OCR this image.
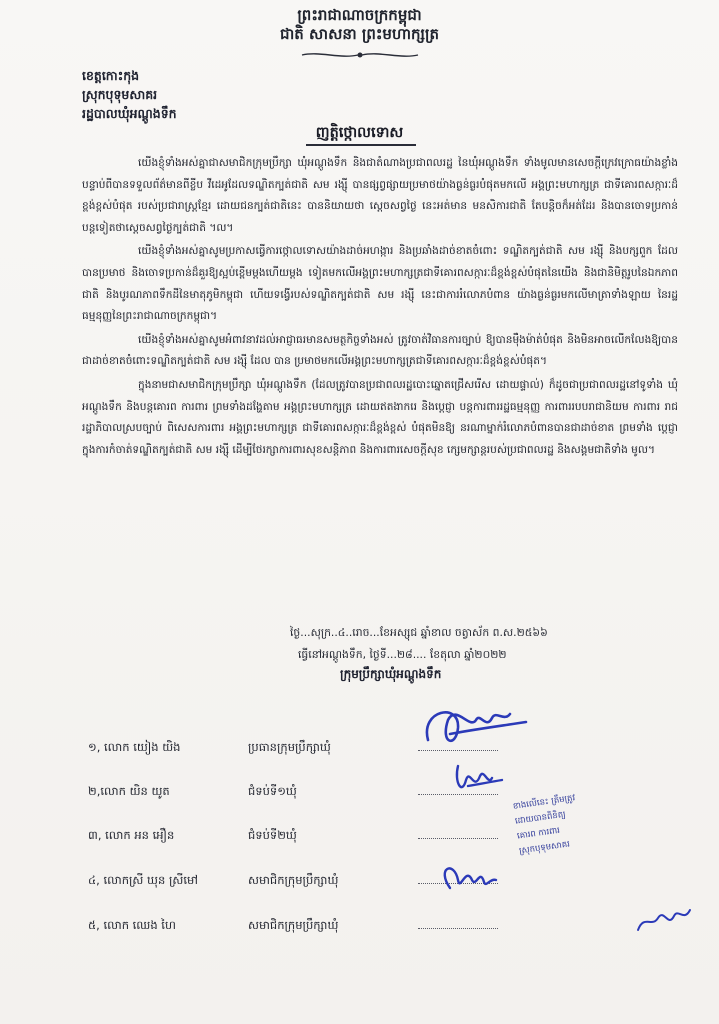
ព្រះរាជាណាចក្រកម្ពុជា
ជាតិ សាសនា ព្រះមហាក្សត្រ
ខេត្តកោះកុង
ស្រុកបុទុមសាគរ
រដ្ឋបាលឃុំអណ្ដូងទឹក
ញត្តិថ្កោលទោស

យើងខ្ញុំទាំងអស់គ្នាជាសមាជិកក្រុមប្រឹក្សា ឃុំអណ្ដូងទឹក និងជាតំណាងប្រជាពលរដ្ឋ នៃឃុំអណ្ដូងទឹក ទាំងមូលមានសេចក្ដីក្រេវក្រោធយ៉ាងខ្លាំងបន្ទាប់ពីបានទទួលព័ត៌មានពីខ្លីប វីដេអូដែលទណ្ឌិតក្បត់ជាតិ សម រង្ស៊ី បានផ្សព្វផ្សាយប្រមាថយ៉ាងធ្ងន់ធ្ងរបំផុតមកលើ អង្គព្រះមហាក្សត្រ ជាទីគោរពសក្ការៈដ៏ខ្ពង់ខ្ពស់បំផុត របស់ប្រជារាស្ត្រខ្មែរ ដោយជនក្បត់ជាតិនេះ បាននិយាយថា ស្ដេចសព្វថ្ងៃ នេះអត់មាន មនសិការជាតិ តែបន្តិចក៏អត់ដែរ និងបានចោទប្រកាន់ បន្តទៀតថាស្ដេចសព្វថ្ងៃក្បត់ជាតិ ។ល។

យើងខ្ញុំទាំងអស់គ្នាសូមប្រកាសធ្វើការថ្កោលទោសយ៉ាងដាច់អហង្ការ និងប្រឆាំងដាច់ខាតចំពោះ ទណ្ឌិតក្បត់ជាតិ សម រង្ស៊ី និងបក្សពួក ដែលបានប្រមាថ និងចោទប្រកាន់ដ៏គួរឱ្យស្អប់ខ្ពើមម្ដងហើយម្ដង ទៀតមកលើអង្គព្រះមហាក្សត្រជាទីគោរពសក្ការៈដ៏ខ្ពង់ខ្ពស់បំផុតនៃយើង និងជានិមិត្តរូបនៃឯកភាពជាតិ និងបូរណភាពទឹកដីនៃមាតុភូមិកម្ពុជា ហើយទង្វើរបស់ទណ្ឌិតក្បត់ជាតិ សម រង្ស៊ី នេះជាការរំលោភបំពាន យ៉ាងធ្ងន់ធ្ងរមកលើមាត្រាទាំងឡាយ នៃរដ្ឋធម្មនុញ្ញនៃព្រះរាជាណាចក្រកម្ពុជា។

យើងខ្ញុំទាំងអស់គ្នាសូមអំពាវនាវដល់អាជ្ញាធរមានសមត្ថកិច្ចទាំងអស់ ត្រូវចាត់វិធានការច្បាប់ ឱ្យបានម៉ឺងម៉ាត់បំផុត និងមិនអាចលើកលែងឱ្យបានជាដាច់ខាតចំពោះទណ្ឌិតក្បត់ជាតិ សម រង្ស៊ី ដែល បាន ប្រមាថមកលើអង្គព្រះមហាក្សត្រជាទីគោរពសក្ការៈដ៏ខ្ពង់ខ្ពស់បំផុត។

ក្នុងនាមជាសមាជិកក្រុមប្រឹក្សា ឃុំអណ្ដូងទឹក (ដែលត្រូវបានប្រជាពលរដ្ឋបោះឆ្នោតជ្រើសរើស ដោយផ្ទាល់) ក៏ដូចជាប្រជាពលរដ្ឋនៅទូទាំង ឃុំអណ្ដូងទឹក និងបន្តគោរព ការពារ ព្រមទាំងដង្ហែតាម អង្គព្រះមហាក្សត្រ ដោយឥតងាករេ និងប្ដេជ្ញា បន្តការពាររដ្ឋធម្មនុញ្ញ ការពាររបបរាជានិយម ការពារ រាជរដ្ឋាភិបាលស្របច្បាប់ ពិសេសការពារ អង្គព្រះមហាក្សត្រ ជាទីគោរពសក្ការៈដ៏ខ្ពង់ខ្ពស់ បំផុតមិនឱ្យ នរណាម្នាក់រំលោភបំពានបានជាដាច់ខាត ព្រមទាំង ប្ដេជ្ញាក្នុងការកំចាត់ទណ្ឌិតក្បត់ជាតិ សម រង្ស៊ី ដើម្បីថែរក្សាការពារសុខសន្តិភាព និងការពារសេចក្ដីសុខ ក្សេមក្សាន្តរបស់ប្រជាពលរដ្ឋ និងសង្គមជាតិទាំង មូល។

ថ្ងៃ...សុក្រ..៤..រោច...ខែអស្សុជ ឆ្នាំខាល ចត្វាស័ក ព.ស.២៥៦៦
ធ្វើនៅអណ្ដូងទឹក, ថ្ងៃទី...២៨.... ខែតុលា ឆ្នាំ២០២២
ក្រុមប្រឹក្សាឃុំអណ្ដូងទឹក
១, លោក យៀង យិង	ប្រធានក្រុមប្រឹក្សាឃុំ
២,លោក យិន យូត	ជំទប់ទី១ឃុំ
៣, លោក អន អឿន	ជំទប់ទី២ឃុំ
៤, លោកស្រី ឃុន ស្រីមៅ	សមាជិកក្រុមប្រឹក្សាឃុំ
៥, លោក ឈេង ហៃ	សមាជិកក្រុមប្រឹក្សាឃុំ
ខាងលើនេះ ត្រឹមត្រូវ
ដោយបានពិនិត្យ
គោរព ការពារ
ស្រុកបុទុមសាគរ
